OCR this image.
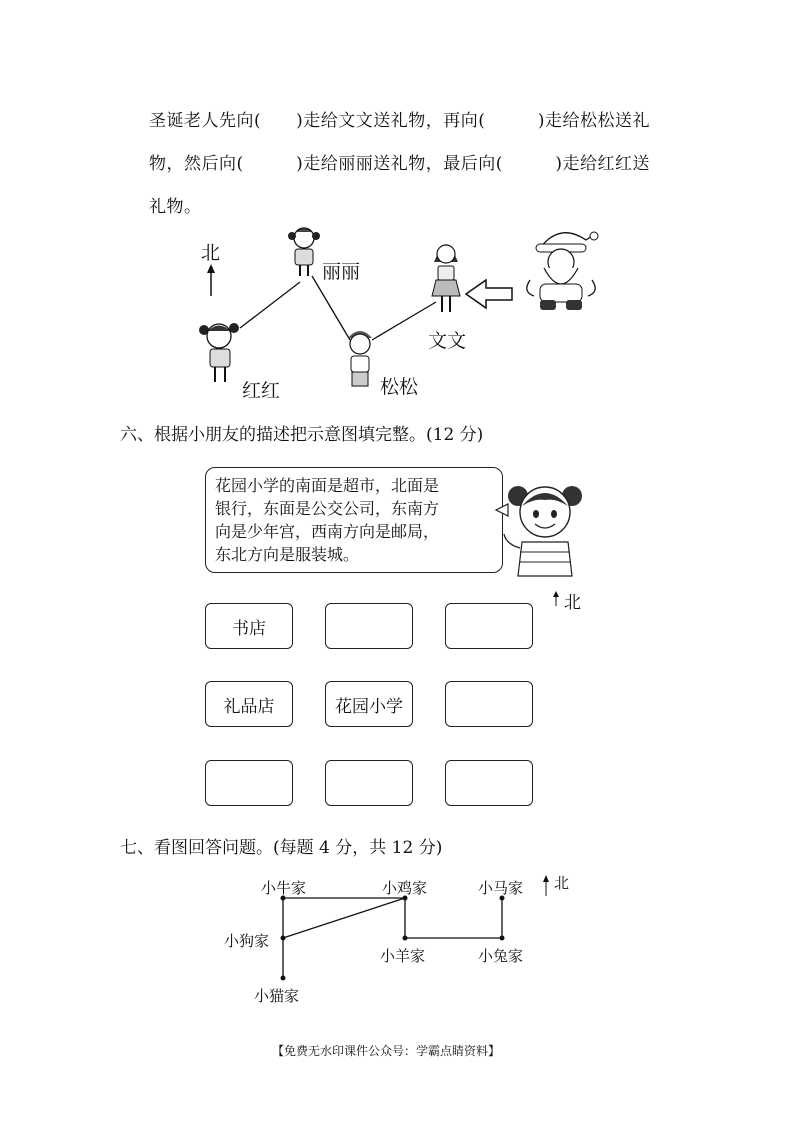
圣诞老人先向(　　)走给文文送礼物，再向(　　　)走给松松送礼
物，然后向(　　　)走给丽丽送礼物，最后向(　　　)走给红红送
礼物。
北
丽丽
文文
松松
红红
六、根据小朋友的描述把示意图填完整。(12 分)
花园小学的南面是超市，北面是
银行，东面是公交公司，东南方
向是少年宫，西南方向是邮局，
东北方向是服装城。
北
书店
礼品店	花园小学
七、看图回答问题。(每题 4 分，共 12 分)
小牛家	小鸡家	小马家 北
小狗家
小羊家	小兔家
小猫家
【免费无水印课件公众号：学霸点睛资料】
